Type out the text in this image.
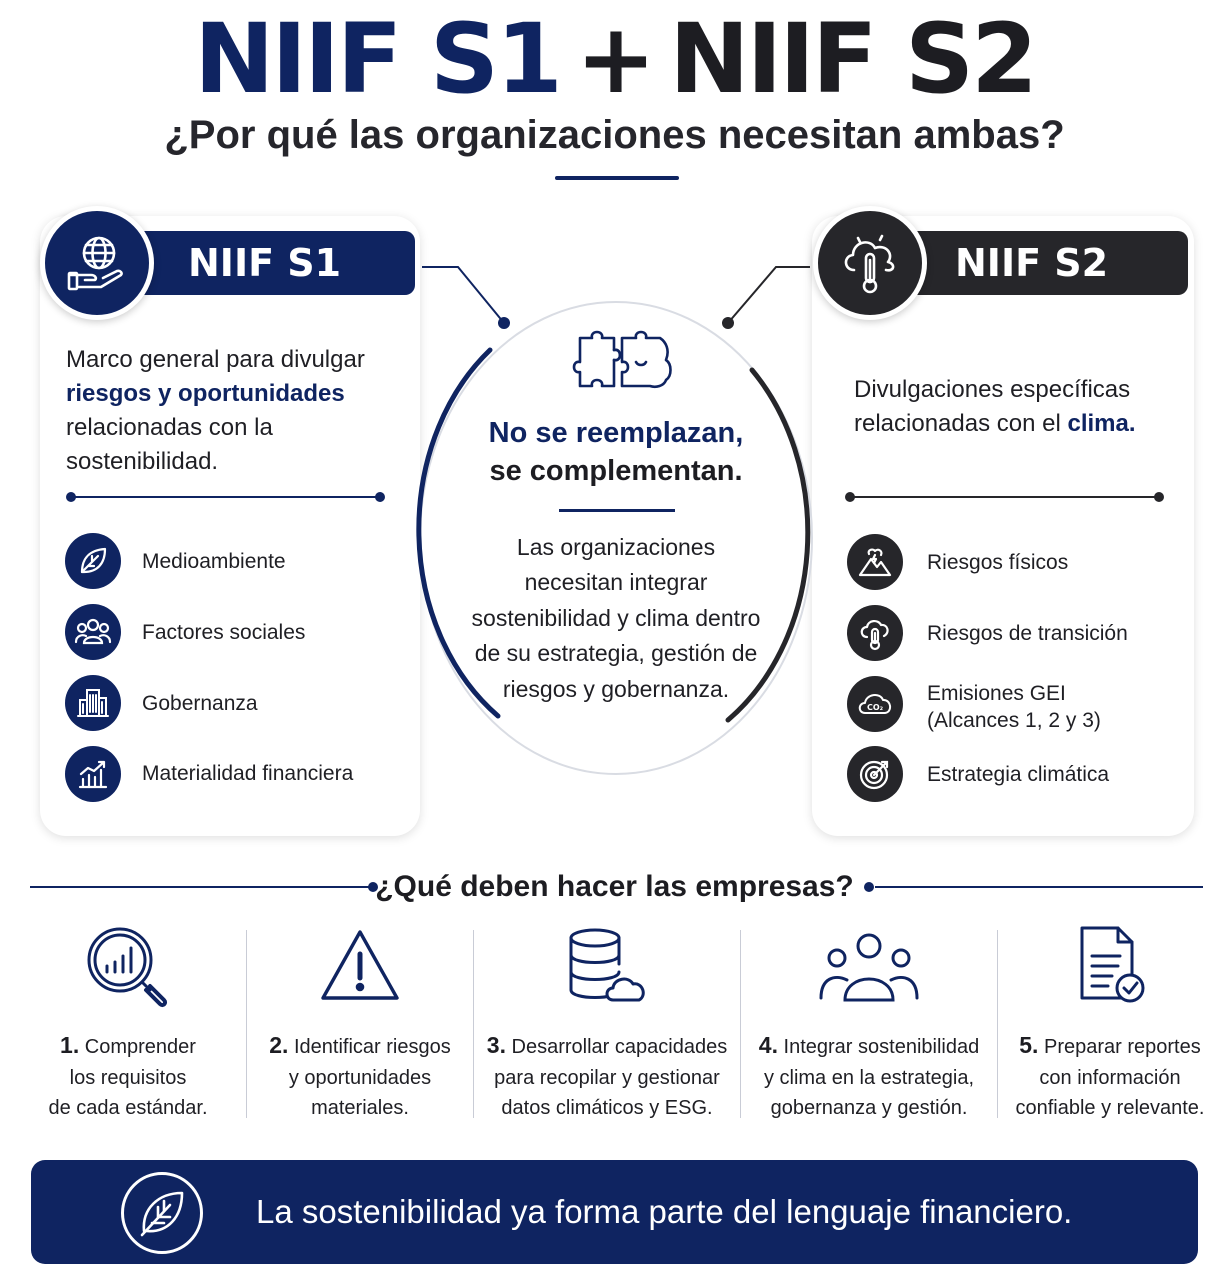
NIIF S1 + NIIF S2
¿Por qué las organizaciones necesitan ambas?
NIIF S1
Marco general para divulgar riesgos y oportunidades relacionadas con la sostenibilidad.
Medioambiente
Factores sociales
Gobernanza
Materialidad financiera
NIIF S2
Divulgaciones específicas relacionadas con el clima.
Riesgos físicos
Riesgos de transición
CO₂
Emisiones GEI
(Alcances 1, 2 y 3)
Estrategia climática
No se reemplazan,
se complementan.
Las organizaciones necesitan integrar sostenibilidad y clima dentro de su estrategia, gestión de riesgos y gobernanza.
¿Qué deben hacer las empresas?
1. Comprender
los requisitos
de cada estándar.
2. Identificar riesgos
y oportunidades
materiales.
3. Desarrollar capacidades
para recopilar y gestionar
datos climáticos y ESG.
4. Integrar sostenibilidad
y clima en la estrategia,
gobernanza y gestión.
5. Preparar reportes
con información
confiable y relevante.
La sostenibilidad ya forma parte del lenguaje financiero.
